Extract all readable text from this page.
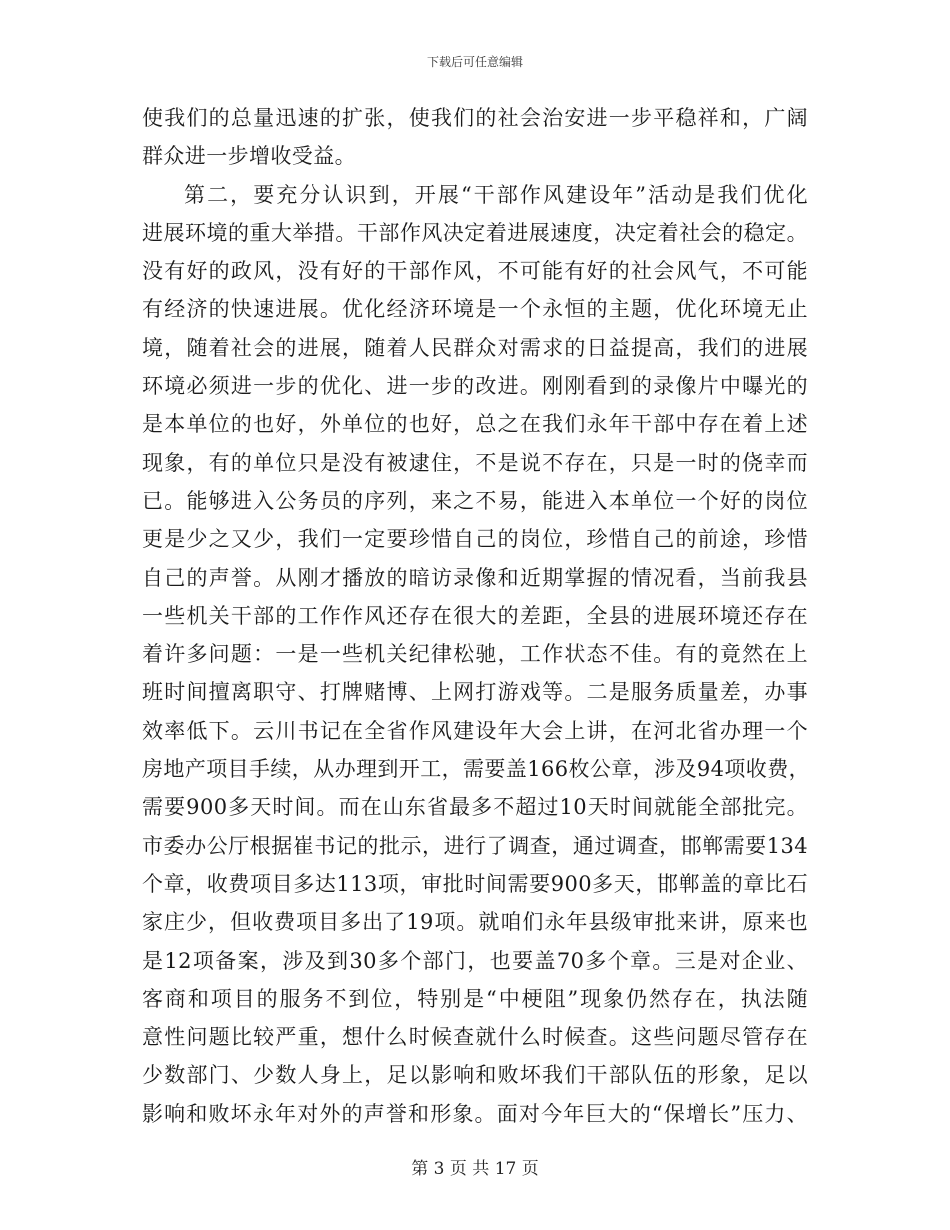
下载后可任意编辑
使我们的总量迅速的扩张，使我们的社会治安进一步平稳祥和，广阔
群众进一步增收受益。
第二，要充分认识到，开展“干部作风建设年”活动是我们优化
进展环境的重大举措。干部作风决定着进展速度，决定着社会的稳定。
没有好的政风，没有好的干部作风，不可能有好的社会风气，不可能
有经济的快速进展。优化经济环境是一个永恒的主题，优化环境无止
境，随着社会的进展，随着人民群众对需求的日益提高，我们的进展
环境必须进一步的优化、进一步的改进。刚刚看到的录像片中曝光的
是本单位的也好，外单位的也好，总之在我们永年干部中存在着上述
现象，有的单位只是没有被逮住，不是说不存在，只是一时的侥幸而
已。能够进入公务员的序列，来之不易，能进入本单位一个好的岗位
更是少之又少，我们一定要珍惜自己的岗位，珍惜自己的前途，珍惜
自己的声誉。从刚才播放的暗访录像和近期掌握的情况看，当前我县
一些机关干部的工作作风还存在很大的差距，全县的进展环境还存在
着许多问题：一是一些机关纪律松驰，工作状态不佳。有的竟然在上
班时间擅离职守、打牌赌博、上网打游戏等。二是服务质量差，办事
效率低下。云川书记在全省作风建设年大会上讲，在河北省办理一个
房地产项目手续，从办理到开工，需要盖166枚公章，涉及94项收费，
需要900多天时间。而在山东省最多不超过10天时间就能全部批完。
市委办公厅根据崔书记的批示，进行了调查，通过调查，邯郸需要134
个章，收费项目多达113项，审批时间需要900多天，邯郸盖的章比石
家庄少，但收费项目多出了19项。就咱们永年县级审批来讲，原来也
是12项备案，涉及到30多个部门，也要盖70多个章。三是对企业、
客商和项目的服务不到位，特别是“中梗阻”现象仍然存在，执法随
意性问题比较严重，想什么时候查就什么时候查。这些问题尽管存在
少数部门、少数人身上，足以影响和败坏我们干部队伍的形象，足以
影响和败坏永年对外的声誉和形象。面对今年巨大的“保增长”压力、
第 3 页 共 17 页
